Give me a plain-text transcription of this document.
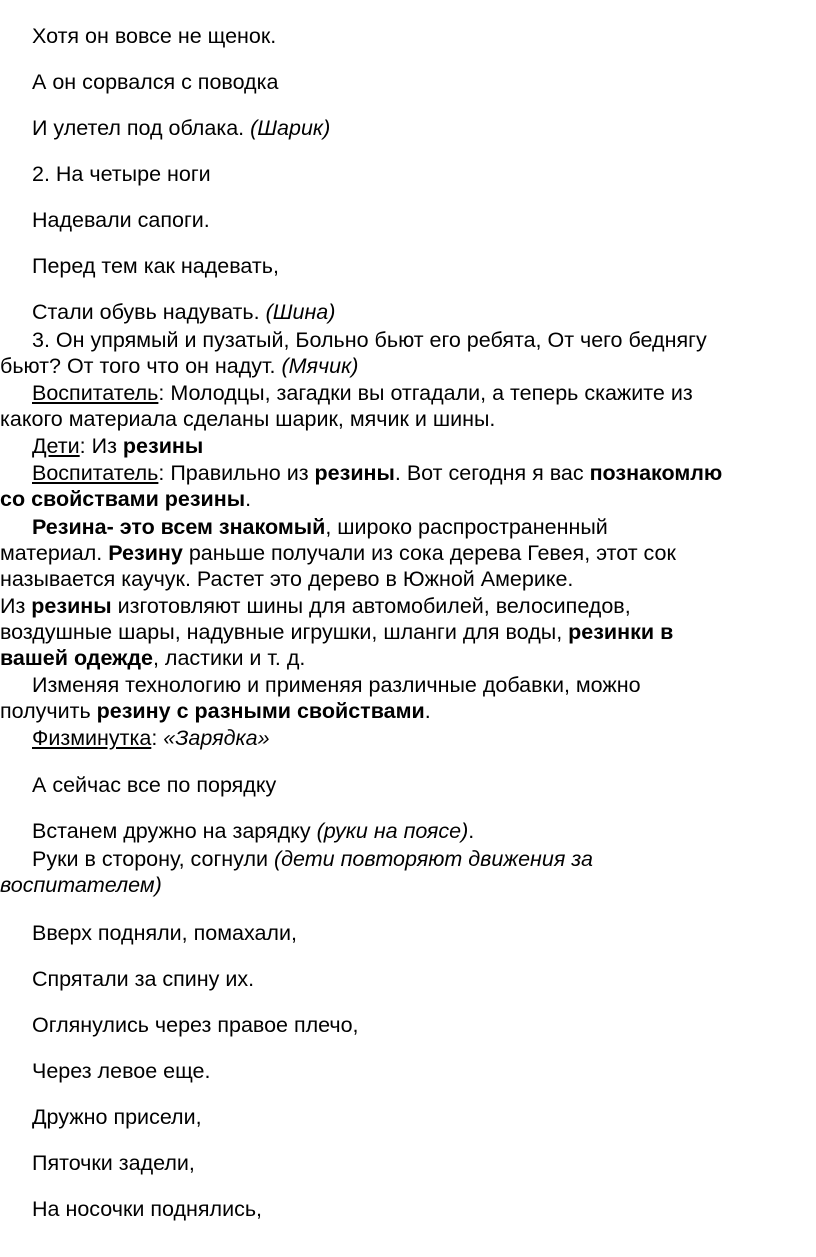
Хотя он вовсе не щенок.
А он сорвался с поводка
И улетел под облака. (Шарик)
2. На четыре ноги
Надевали сапоги.
Перед тем как надевать,
Стали обувь надувать. (Шина)
3. Он упрямый и пузатый, Больно бьют его ребята, От чего беднягу
бьют? От того что он надут. (Мячик)
Воспитатель: Молодцы, загадки вы отгадали, а теперь скажите из
какого материала сделаны шарик, мячик и шины.
Дети: Из резины
Воспитатель: Правильно из резины. Вот сегодня я вас познакомлю
со свойствами резины.
Резина- это всем знакомый, широко распространенный
материал. Резину раньше получали из сока дерева Гевея, этот сок
называется каучук. Растет это дерево в Южной Америке.
Из резины изготовляют шины для автомобилей, велосипедов,
воздушные шары, надувные игрушки, шланги для воды, резинки в
вашей одежде, ластики и т. д.
Изменяя технологию и применяя различные добавки, можно
получить резину с разными свойствами.
Физминутка: «Зарядка»
А сейчас все по порядку
Встанем дружно на зарядку (руки на поясе).
Руки в сторону, согнули (дети повторяют движения за
воспитателем)
Вверх подняли, помахали,
Спрятали за спину их.
Оглянулись через правое плечо,
Через левое еще.
Дружно присели,
Пяточки задели,
На носочки поднялись,
